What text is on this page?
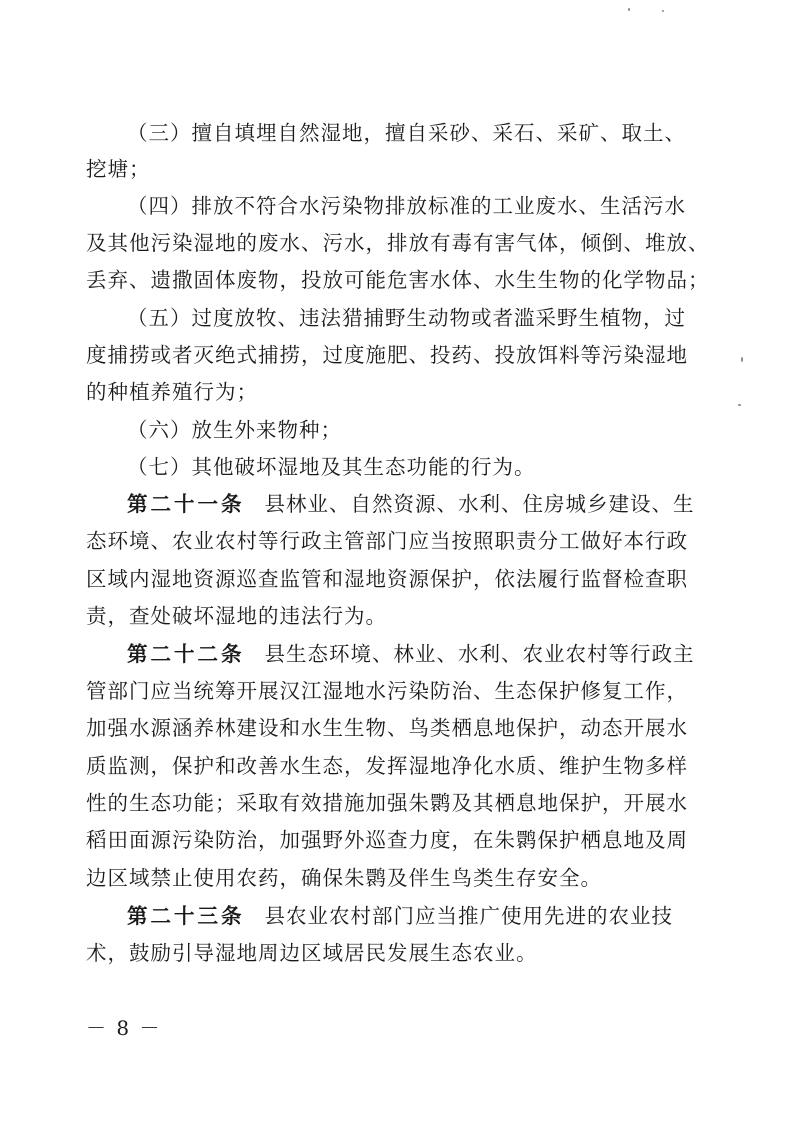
（三）擅自填埋自然湿地，擅自采砂、采石、采矿、取土、
挖塘；
（四）排放不符合水污染物排放标准的工业废水、生活污水
及其他污染湿地的废水、污水，排放有毒有害气体，倾倒、堆放、
丢弃、遗撒固体废物，投放可能危害水体、水生生物的化学物品；
（五）过度放牧、违法猎捕野生动物或者滥采野生植物，过
度捕捞或者灭绝式捕捞，过度施肥、投药、投放饵料等污染湿地
的种植养殖行为；
（六）放生外来物种；
（七）其他破坏湿地及其生态功能的行为。
第二十一条 县林业、自然资源、水利、住房城乡建设、生
态环境、农业农村等行政主管部门应当按照职责分工做好本行政
区域内湿地资源巡查监管和湿地资源保护，依法履行监督检查职
责，查处破坏湿地的违法行为。
第二十二条 县生态环境、林业、水利、农业农村等行政主
管部门应当统筹开展汉江湿地水污染防治、生态保护修复工作，
加强水源涵养林建设和水生生物、鸟类栖息地保护，动态开展水
质监测，保护和改善水生态，发挥湿地净化水质、维护生物多样
性的生态功能；采取有效措施加强朱鹮及其栖息地保护，开展水
稻田面源污染防治，加强野外巡查力度，在朱鹮保护栖息地及周
边区域禁止使用农药，确保朱鹮及伴生鸟类生存安全。
第二十三条 县农业农村部门应当推广使用先进的农业技
术，鼓励引导湿地周边区域居民发展生态农业。
－ 8 －
